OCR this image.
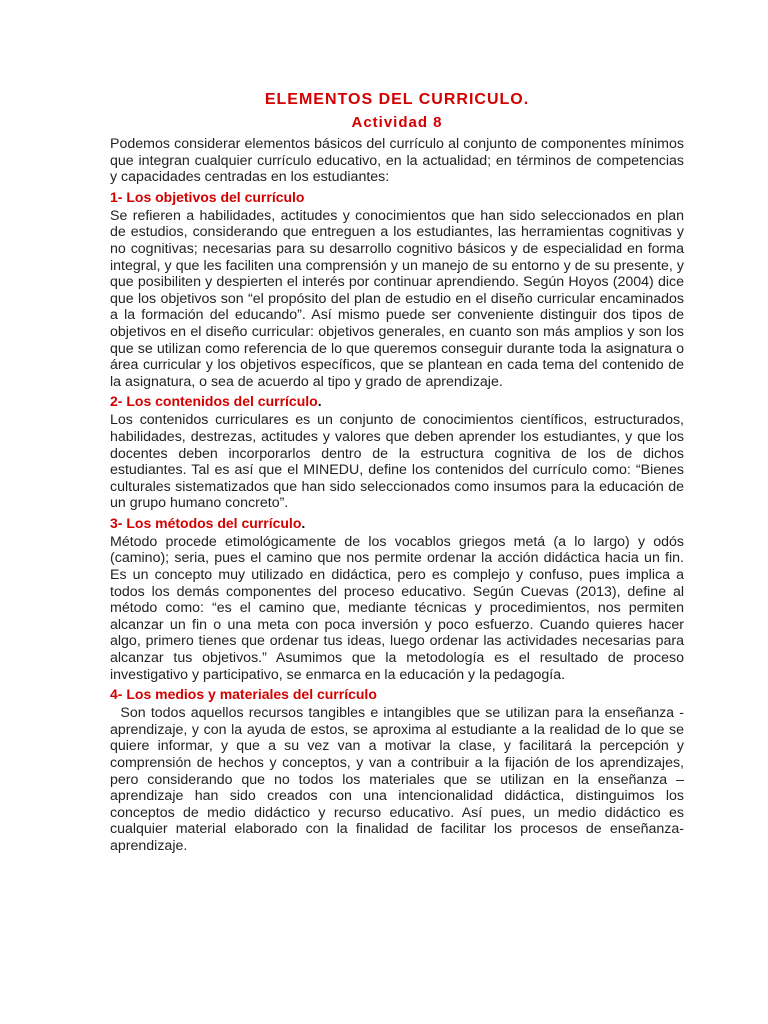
ELEMENTOS DEL CURRICULO.
Actividad 8

Podemos considerar elementos básicos del currículo al conjunto de componentes mínimos que integran cualquier currículo educativo, en la actualidad; en términos de competencias y capacidades centradas en los estudiantes:

1- Los objetivos del currículo

Se refieren a habilidades, actitudes y conocimientos que han sido seleccionados en plan de estudios, considerando que entreguen a los estudiantes, las herramientas cognitivas y no cognitivas; necesarias para su desarrollo cognitivo básicos y de especialidad en forma integral, y que les faciliten una comprensión y un manejo de su entorno y de su presente, y que posibiliten y despierten el interés por continuar aprendiendo. Según Hoyos (2004) dice que los objetivos son “el propósito del plan de estudio en el diseño curricular encaminados a la formación del educando”. Así mismo puede ser conveniente distinguir dos tipos de objetivos en el diseño curricular: objetivos generales, en cuanto son más amplios y son los que se utilizan como referencia de lo que queremos conseguir durante toda la asignatura o área curricular y los objetivos específicos, que se plantean en cada tema del contenido de la asignatura, o sea de acuerdo al tipo y grado de aprendizaje.

2- Los contenidos del currículo.

Los contenidos curriculares es un conjunto de conocimientos científicos, estructurados, habilidades, destrezas, actitudes y valores que deben aprender los estudiantes, y que los docentes deben incorporarlos dentro de la estructura cognitiva de los de dichos estudiantes. Tal es así que el MINEDU, define los contenidos del currículo como: “Bienes culturales sistematizados que han sido seleccionados como insumos para la educación de un grupo humano concreto”.

3- Los métodos del currículo.

Método procede etimológicamente de los vocablos griegos metá (a lo largo) y odós (camino); seria, pues el camino que nos permite ordenar la acción didáctica hacia un fin. Es un concepto muy utilizado en didáctica, pero es complejo y confuso, pues implica a todos los demás componentes del proceso educativo. Según Cuevas (2013), define al método como: “es el camino que, mediante técnicas y procedimientos, nos permiten alcanzar un fin o una meta con poca inversión y poco esfuerzo. Cuando quieres hacer algo, primero tienes que ordenar tus ideas, luego ordenar las actividades necesarias para alcanzar tus objetivos.” Asumimos que la metodología es el resultado de proceso investigativo y participativo, se enmarca en la educación y la pedagogía.

4- Los medios y materiales del currículo

Son todos aquellos recursos tangibles e intangibles que se utilizan para la enseñanza - aprendizaje, y con la ayuda de estos, se aproxima al estudiante a la realidad de lo que se quiere informar, y que a su vez van a motivar la clase, y facilitará la percepción y comprensión de hechos y conceptos, y van a contribuir a la fijación de los aprendizajes, pero considerando que no todos los materiales que se utilizan en la enseñanza –aprendizaje han sido creados con una intencionalidad didáctica, distinguimos los conceptos de medio didáctico y recurso educativo. Así pues, un medio didáctico es cualquier material elaborado con la finalidad de facilitar los procesos de enseñanza-aprendizaje.
